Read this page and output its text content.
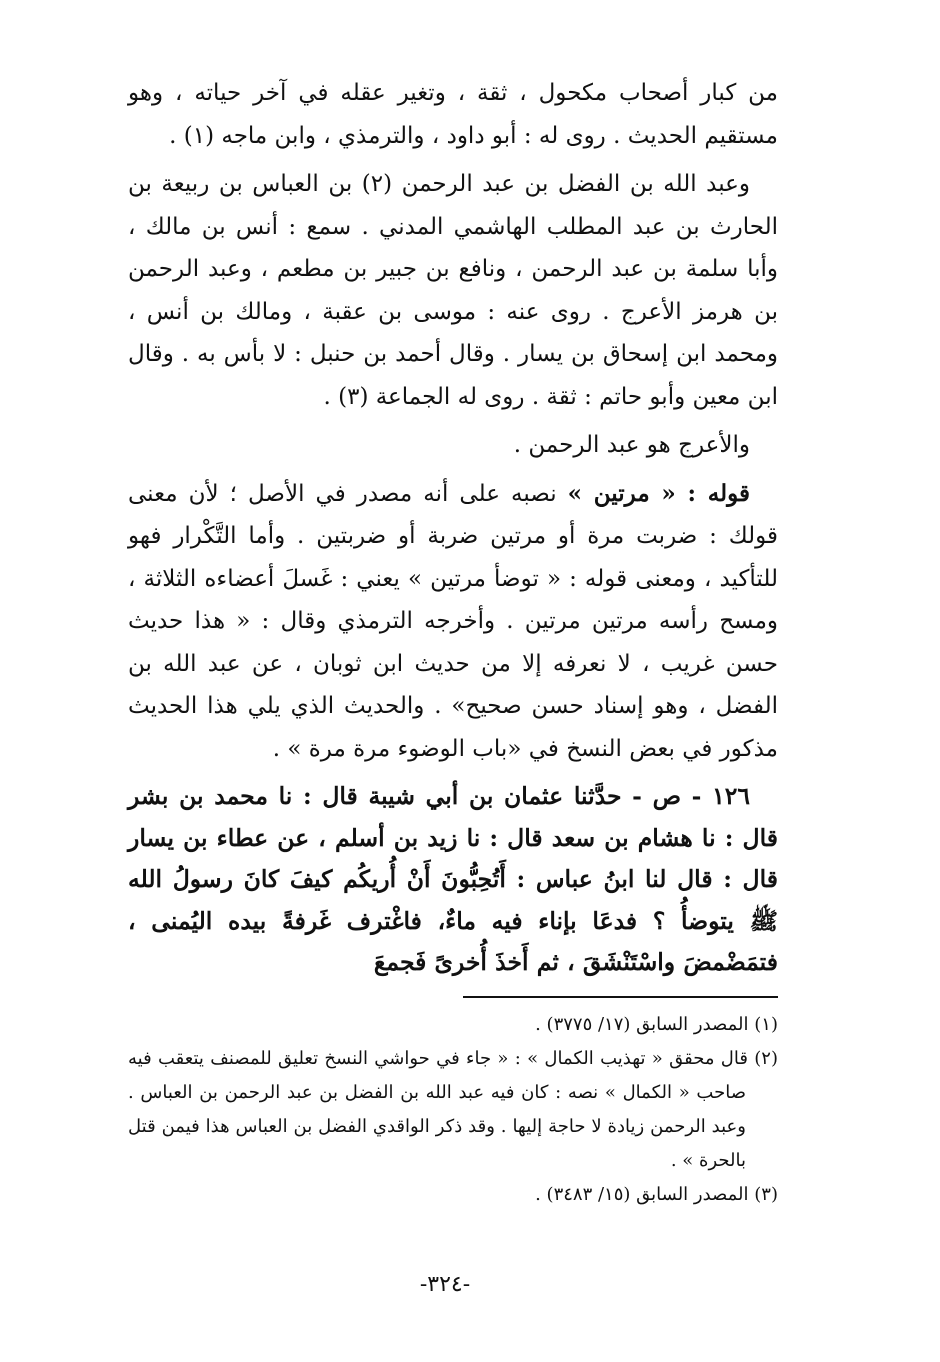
من كبار أصحاب مكحول ، ثقة ، وتغير عقله في آخر حياته ، وهو مستقيم الحديث . روى له : أبو داود ، والترمذي ، وابن ماجه (١) .

وعبد الله بن الفضل بن عبد الرحمن (٢) بن العباس بن ربيعة بن الحارث بن عبد المطلب الهاشمي المدني . سمع : أنس بن مالك ، وأبا سلمة بن عبد الرحمن ، ونافع بن جبير بن مطعم ، وعبد الرحمن بن هرمز الأعرج . روى عنه : موسى بن عقبة ، ومالك بن أنس ، ومحمد ابن إسحاق بن يسار . وقال أحمد بن حنبل : لا بأس به . وقال ابن معين وأبو حاتم : ثقة . روى له الجماعة (٣) .

والأعرج هو عبد الرحمن .

قوله : « مرتين » نصبه على أنه مصدر في الأصل ؛ لأن معنى قولك : ضربت مرة أو مرتين ضربة أو ضربتين . وأما التَّكْرار فهو للتأكيد ، ومعنى قوله : « توضأ مرتين » يعني : غَسلَ أعضاءه الثلاثة ، ومسح رأسه مرتين مرتين . وأخرجه الترمذي وقال : « هذا حديث حسن غريب ، لا نعرفه إلا من حديث ابن ثوبان ، عن عبد الله بن الفضل ، وهو إسناد حسن صحيح» . والحديث الذي يلي هذا الحديث مذكور في بعض النسخ في «باب الوضوء مرة مرة » .

١٢٦ - ص - حدَّثنا عثمان بن أبي شيبة قال : نا محمد بن بشر قال : نا هشام بن سعد قال : نا زيد بن أسلم ، عن عطاء بن يسار قال : قال لنا ابنُ عباس : أَتُحِبُّونَ أَنْ أُريكُم كيفَ كانَ رسولُ الله ﷺ يتوضأُ ؟ فدعَا بإناء فيه ماءٌ، فاغْترف غَرفةً بيده اليُمنى ، فتمَضْمضَ واسْتَنْشَقَ ، ثم أَخذَ أُخرىً فَجمعَ

(١) المصدر السابق (١٧/ ٣٧٧٥) .

(٢) قال محقق « تهذيب الكمال » : « جاء في حواشي النسخ تعليق للمصنف يتعقب فيه صاحب « الكمال » نصه : كان فيه عبد الله بن الفضل بن عبد الرحمن بن العباس . وعبد الرحمن زيادة لا حاجة إليها . وقد ذكر الواقدي الفضل بن العباس هذا فيمن قتل بالحرة » .

(٣) المصدر السابق (١٥/ ٣٤٨٣) .

-٣٢٤-
